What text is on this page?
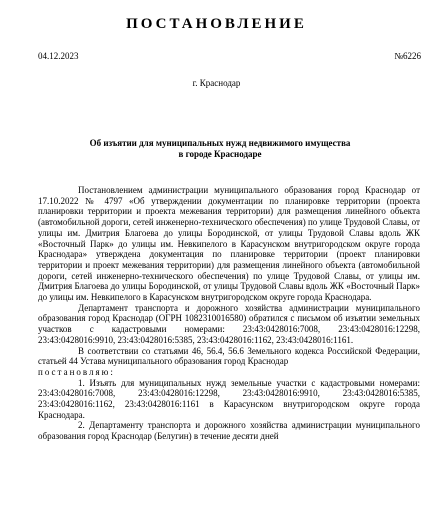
ПОСТАНОВЛЕНИЕ
04.12.2023	№6226
г. Краснодар
Об изъятии для муниципальных нужд недвижимого имущества
в городе Краснодаре

Постановлением администрации муниципального образования город Краснодар от 17.10.2022 № 4797 «Об утверждении документации по планировке территории (проекта планировки территории и проекта межевания территории) для размещения линейного объекта (автомобильной дороги, сетей инженерно-технического обеспечения) по улице Трудовой Славы, от улицы им. Дмитрия Благоева до улицы Бородинской, от улицы Трудовой Славы вдоль ЖК «Восточный Парк» до улицы им. Невкипелого в Карасунском внутригородском округе города Краснодара» утверждена документация по планировке территории (проект планировки территории и проект межевания территории) для размещения линейного объекта (автомобильной дороги, сетей инженерно-технического обеспечения) по улице Трудовой Славы, от улицы им. Дмитрия Благоева до улицы Бородинской, от улицы Трудовой Славы вдоль ЖК «Восточный Парк» до улицы им. Невкипелого в Карасунском внутригородском округе города Краснодара.

Департамент транспорта и дорожного хозяйства администрации муниципального образования город Краснодар (ОГРН 1082310016580) обратился с письмом об изъятии земельных участков с кадастровыми номерами: 23:43:0428016:7008, 23:43:0428016:12298, 23:43:0428016:9910, 23:43:0428016:5385, 23:43:0428016:1162, 23:43:0428016:1161.

В соответствии со статьями 46, 56.4, 56.6 Земельного кодекса Российской Федерации, статьей 44 Устава муниципального образования город Краснодар

постановляю:

1. Изъять для муниципальных нужд земельные участки с кадастровыми номерами: 23:43:0428016:7008, 23:43:0428016:12298, 23:43:0428016:9910, 23:43:0428016:5385, 23:43:0428016:1162, 23:43:0428016:1161 в Карасунском внутригородском округе города Краснодара.

2. Департаменту транспорта и дорожного хозяйства администрации муниципального образования город Краснодар (Белугин) в течение десяти дней
